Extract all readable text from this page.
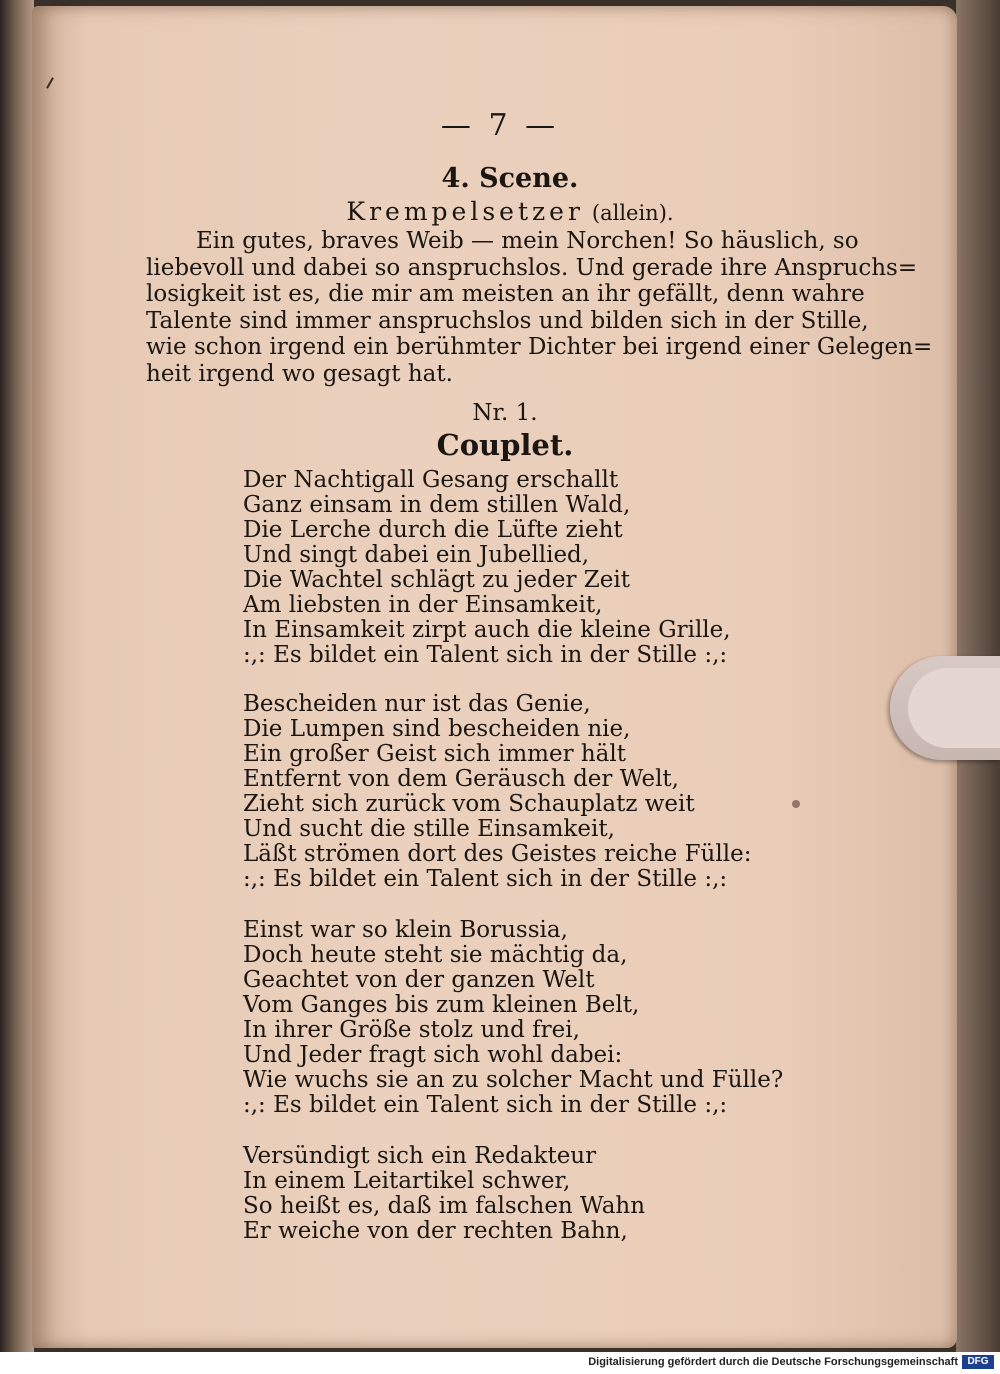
— 7 —
4. Scene.
Krempelsetzer (allein).
Ein gutes, braves Weib — mein Norchen! So häuslich, so
liebevoll und dabei so anspruchslos. Und gerade ihre Anspruchs=
losigkeit ist es, die mir am meisten an ihr gefällt, denn wahre
Talente sind immer anspruchslos und bilden sich in der Stille,
wie schon irgend ein berühmter Dichter bei irgend einer Gelegen=
heit irgend wo gesagt hat.
Nr. 1.
Couplet.
Der Nachtigall Gesang erschallt
Ganz einsam in dem stillen Wald,
Die Lerche durch die Lüfte zieht
Und singt dabei ein Jubellied,
Die Wachtel schlägt zu jeder Zeit
Am liebsten in der Einsamkeit,
In Einsamkeit zirpt auch die kleine Grille,
:,: Es bildet ein Talent sich in der Stille :,:
Bescheiden nur ist das Genie,
Die Lumpen sind bescheiden nie,
Ein großer Geist sich immer hält
Entfernt von dem Geräusch der Welt,
Zieht sich zurück vom Schauplatz weit
Und sucht die stille Einsamkeit,
Läßt strömen dort des Geistes reiche Fülle:
:,: Es bildet ein Talent sich in der Stille :,:
Einst war so klein Borussia,
Doch heute steht sie mächtig da,
Geachtet von der ganzen Welt
Vom Ganges bis zum kleinen Belt,
In ihrer Größe stolz und frei,
Und Jeder fragt sich wohl dabei:
Wie wuchs sie an zu solcher Macht und Fülle?
:,: Es bildet ein Talent sich in der Stille :,:
Versündigt sich ein Redakteur
In einem Leitartikel schwer,
So heißt es, daß im falschen Wahn
Er weiche von der rechten Bahn,
Digitalisierung gefördert durch die Deutsche Forschungsgemeinschaft DFG
